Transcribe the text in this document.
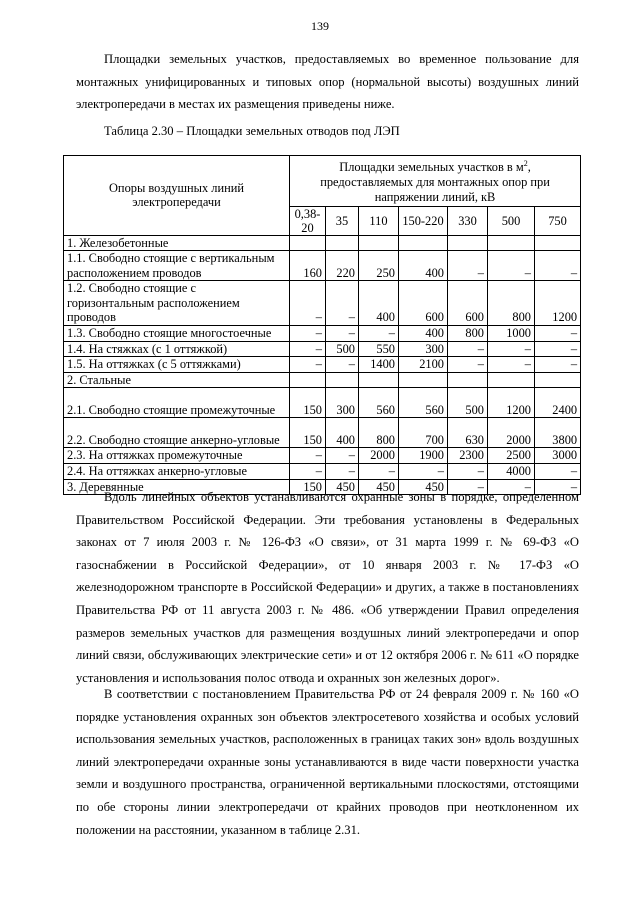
139

Площадки земельных участков, предоставляемых во временное пользование для монтажных унифицированных и типовых опор (нормальной высоты) воздушных линий электропередачи в местах их размещения приведены ниже.

Таблица 2.30 – Площадки земельных отводов под ЛЭП
Опоры воздушных линий электропередачи	Площадки земельных участков в $м^2$, предоставляемых для монтажных опор при напряжении линий, кВ						
	0,38-20	35	110	150-220	330	500	750
1. Железобетонные							
1.1. Свободно стоящие с вертикальным расположением проводов	160	220	250	400	–	–	–
1.2. Свободно стоящие с горизонтальным расположением проводов	–	–	400	600	600	800	1200
1.3. Свободно стоящие многостоечные	–	–	–	400	800	1000	–
1.4. На стяжках (с 1 оттяжкой)	–	500	550	300	–	–	–
1.5. На оттяжках (с 5 оттяжками)	–	–	1400	2100	–	–	–
2. Стальные							
2.1. Свободно стоящие промежуточные	150	300	560	560	500	1200	2400
2.2. Свободно стоящие анкерно-угловые	150	400	800	700	630	2000	3800
2.3. На оттяжках промежуточные	–	–	2000	1900	2300	2500	3000
2.4. На оттяжках анкерно-угловые	–	–	–	–	–	4000	–
3. Деревянные	150	450	450	450	–	–	–

Вдоль линейных объектов устанавливаются охранные зоны в порядке, определенном Правительством Российской Федерации. Эти требования установлены в Федеральных законах от 7 июля 2003 г. № 126-ФЗ «О связи», от 31 марта 1999 г. № 69-ФЗ «О газоснабжении в Российской Федерации», от 10 января 2003 г. № 17-ФЗ «О железнодорожном транспорте в Российской Федерации» и других, а также в постановлениях Правительства РФ от 11 августа 2003 г. № 486. «Об утверждении Правил определения размеров земельных участков для размещения воздушных линий электропередачи и опор линий связи, обслуживающих электрические сети» и от 12 октября 2006 г. № 611 «О порядке установления и использования полос отвода и охранных зон железных дорог».

В соответствии с постановлением Правительства РФ от 24 февраля 2009 г. № 160 «О порядке установления охранных зон объектов электросетевого хозяйства и особых условий использования земельных участков, расположенных в границах таких зон» вдоль воздушных линий электропередачи охранные зоны устанавливаются в виде части поверхности участка земли и воздушного пространства, ограниченной вертикальными плоскостями, отстоящими по обе стороны линии электропередачи от крайних проводов при неотклоненном их положении на расстоянии, указанном в таблице 2.31.
